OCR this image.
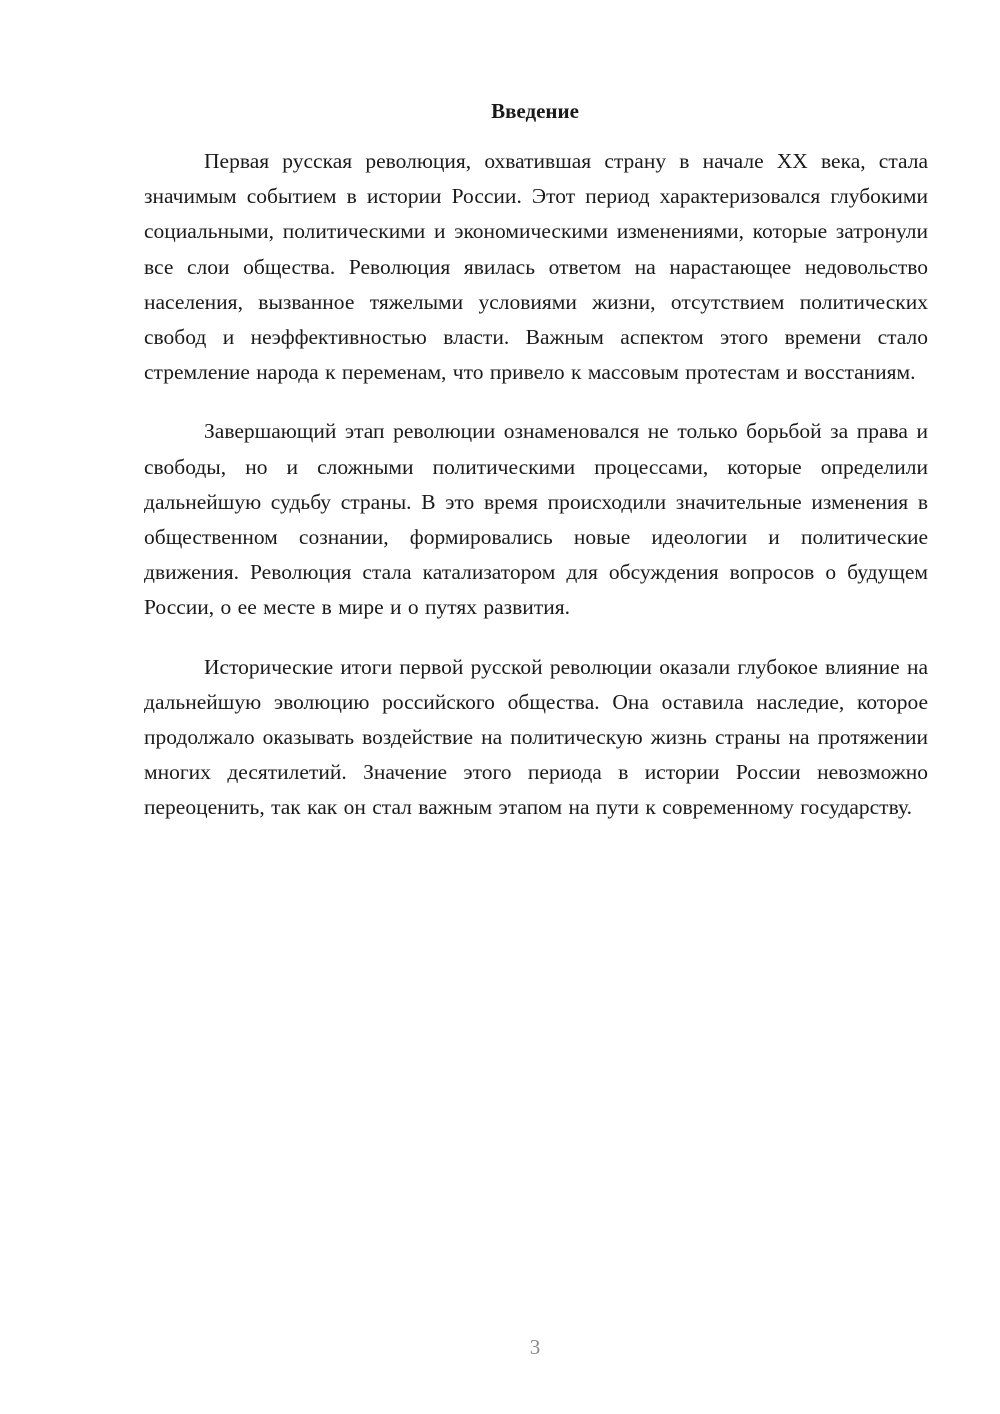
Введение

Первая русская революция, охватившая страну в начале XX века, стала значимым событием в истории России. Этот период характеризовался глубокими социальными, политическими и экономическими изменениями, которые затронули все слои общества. Революция явилась ответом на нарастающее недовольство населения, вызванное тяжелыми условиями жизни, отсутствием политических свобод и неэффективностью власти. Важным аспектом этого времени стало стремление народа к переменам, что привело к массовым протестам и восстаниям.

Завершающий этап революции ознаменовался не только борьбой за права и свободы, но и сложными политическими процессами, которые определили дальнейшую судьбу страны. В это время происходили значительные изменения в общественном сознании, формировались новые идеологии и политические движения. Революция стала катализатором для обсуждения вопросов о будущем России, о ее месте в мире и о путях развития.

Исторические итоги первой русской революции оказали глубокое влияние на дальнейшую эволюцию российского общества. Она оставила наследие, которое продолжало оказывать воздействие на политическую жизнь страны на протяжении многих десятилетий. Значение этого периода в истории России невозможно переоценить, так как он стал важным этапом на пути к современному государству.

3
